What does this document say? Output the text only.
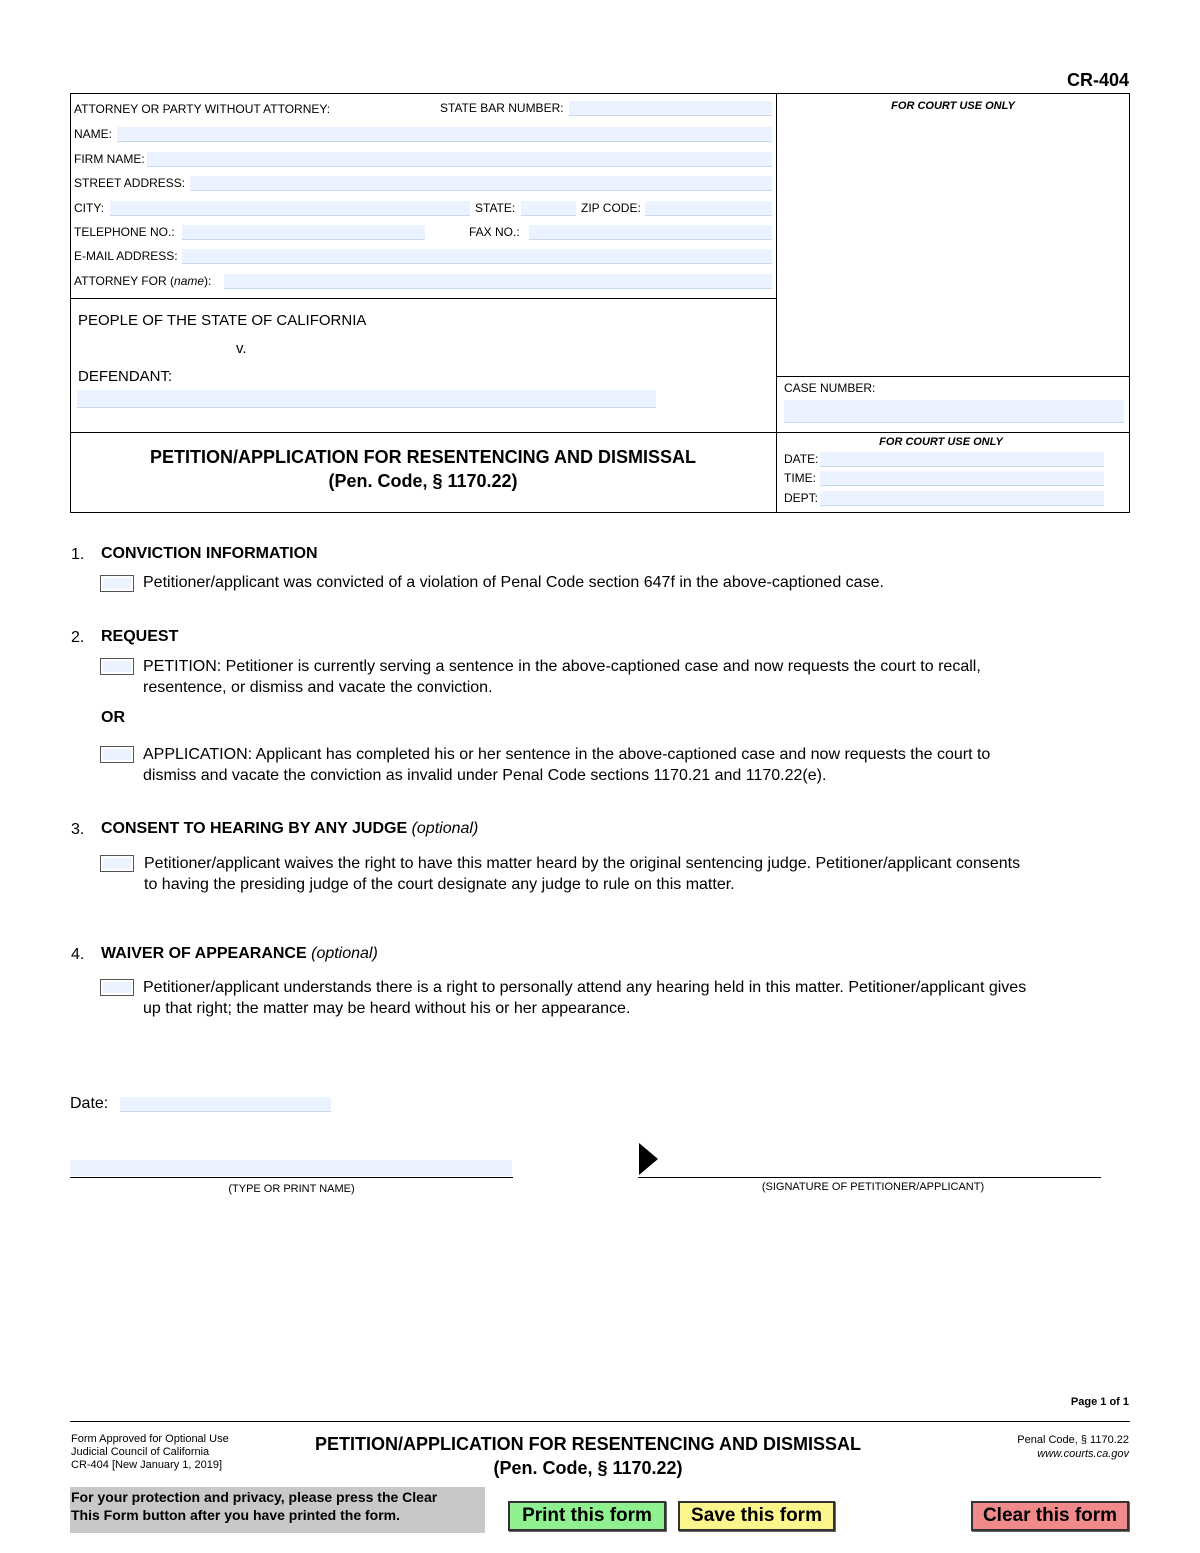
CR-404
ATTORNEY OR PARTY WITHOUT ATTORNEY:	STATE BAR NUMBER:
NAME:
FIRM NAME:
STREET ADDRESS:
CITY:	STATE:	ZIP CODE:
TELEPHONE NO.:	FAX NO.:
E-MAIL ADDRESS:
ATTORNEY FOR (name):
FOR COURT USE ONLY
PEOPLE OF THE STATE OF CALIFORNIA
v.
DEFENDANT:
CASE NUMBER:
PETITION/APPLICATION FOR RESENTENCING AND DISMISSAL
(Pen. Code, § 1170.22)
FOR COURT USE ONLY
DATE:
TIME:
DEPT:
1. CONVICTION INFORMATION
Petitioner/applicant was convicted of a violation of Penal Code section 647f in the above-captioned case.
2. REQUEST
PETITION: Petitioner is currently serving a sentence in the above-captioned case and now requests the court to recall,
resentence, or dismiss and vacate the conviction.
OR
APPLICATION: Applicant has completed his or her sentence in the above-captioned case and now requests the court to
dismiss and vacate the conviction as invalid under Penal Code sections 1170.21 and 1170.22(e).
3. CONSENT TO HEARING BY ANY JUDGE (optional)
Petitioner/applicant waives the right to have this matter heard by the original sentencing judge. Petitioner/applicant consents
to having the presiding judge of the court designate any judge to rule on this matter.
4. WAIVER OF APPEARANCE (optional)
Petitioner/applicant understands there is a right to personally attend any hearing held in this matter. Petitioner/applicant gives
up that right; the matter may be heard without his or her appearance.
Date:
(TYPE OR PRINT NAME)	(SIGNATURE OF PETITIONER/APPLICANT)
Page 1 of 1
Form Approved for Optional Use
Judicial Council of California
CR-404 [New January 1, 2019]
PETITION/APPLICATION FOR RESENTENCING AND DISMISSAL
(Pen. Code, § 1170.22)
Penal Code, § 1170.22
www.courts.ca.gov
For your protection and privacy, please press the Clear
This Form button after you have printed the form.	Print this form	Save this form	Clear this form
